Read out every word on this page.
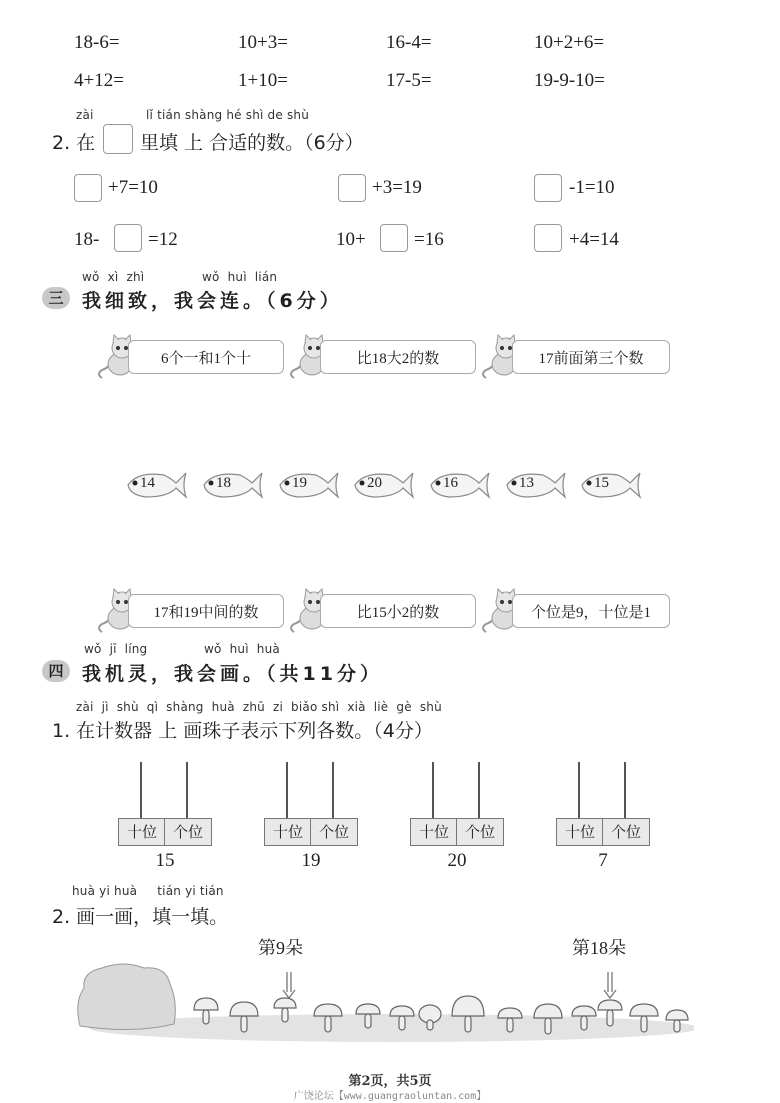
18-6=	10+3=	16-4=	10+2+6=
4+12=	1+10=	17-5=	19-9-10=
zài	lǐ tián shàng hé shì de shù
2. 在 里填 上 合适的数。（6分）
+7=10	+3=19	-1=10
18-	=12	10+	=16	+4=14
wǒ  xì  zhì	wǒ  huì  lián
三 我细致，我会连。（6分）
6个一和1个十	比18大2的数	17前面第三个数
14	18	19	20	16	13	15
17和19中间的数	比15小2的数	个位是9，十位是1
wǒ  jī  líng	wǒ  huì  huà
四 我机灵，我会画。（共11分）
zài  jì  shù  qì  shàng  huà  zhū  zi  biǎo shì  xià  liè  gè  shù
1. 在计数器 上 画珠子表示下列各数。（4分）
十位	个位
15
十位	个位
19
十位	个位
20
十位	个位
7
huà yi huà     tián yi tián
2. 画一画，填一填。
第9朵	第18朵
第2页，共5页
广饶论坛【www.guangraoluntan.com】
